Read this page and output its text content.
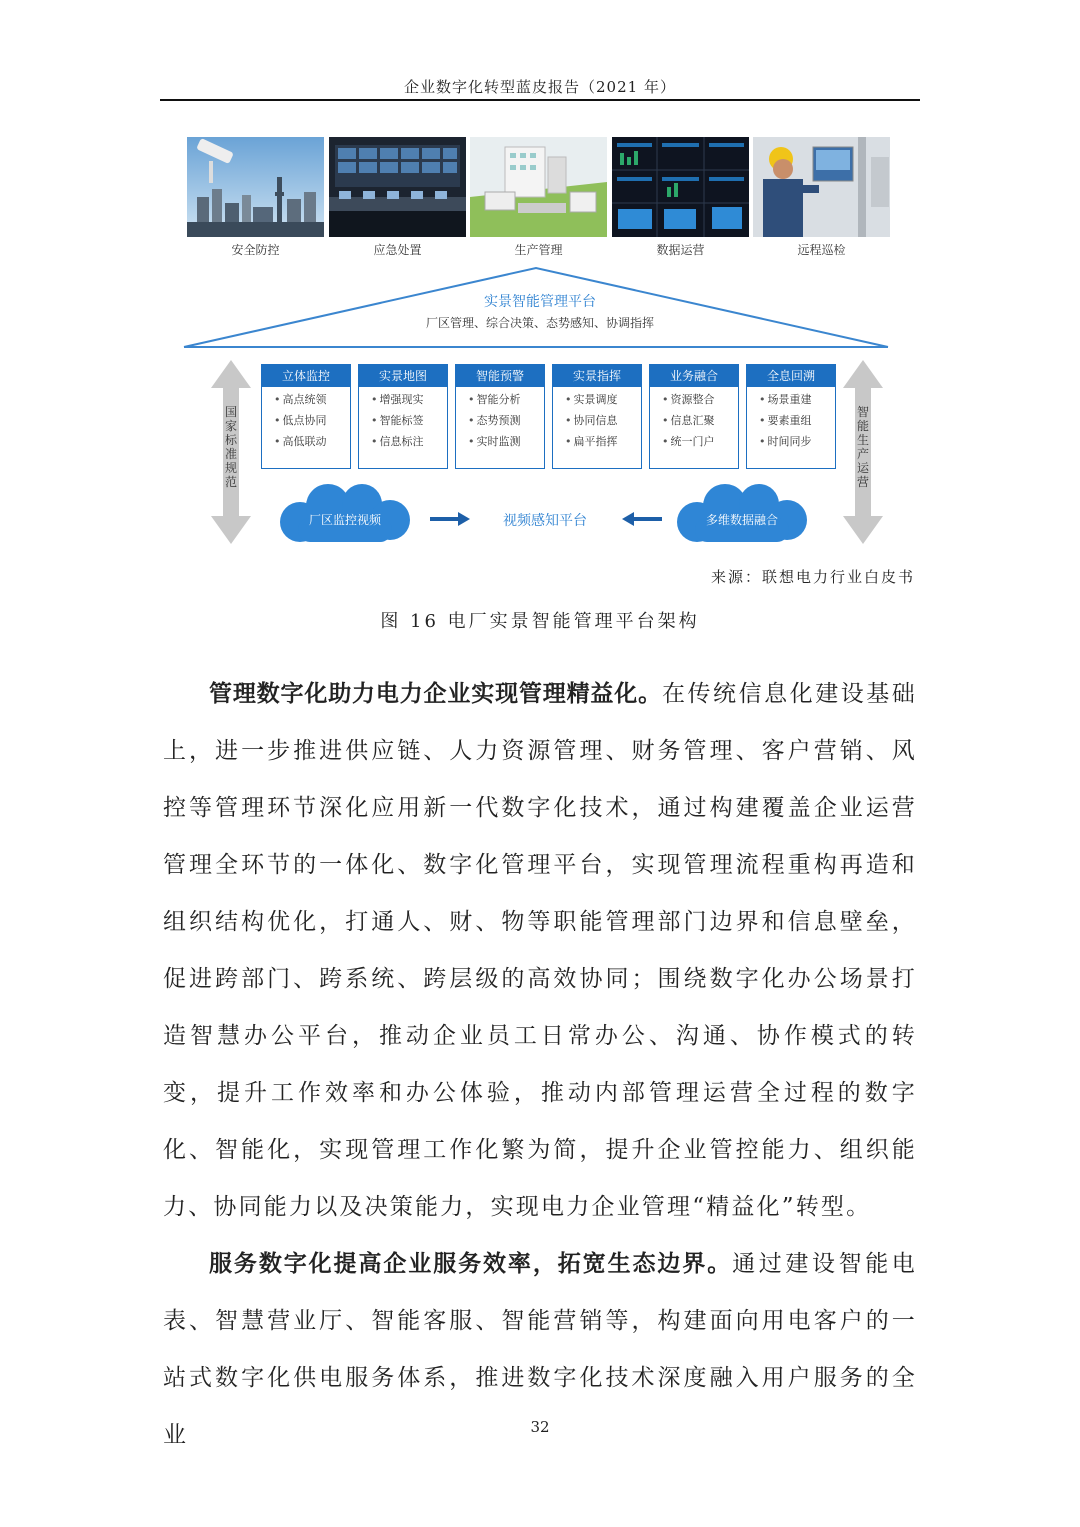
企业数字化转型蓝皮报告（2021 年）
安全防控	应急处置	生产管理	数据运营	远程巡检
实景智能管理平台
厂区管理、综合决策、态势感知、协调指挥
国家标准规范
智能生产运营
立体监控
• 高点统领
• 低点协同
• 高低联动
实景地图
• 增强现实
• 智能标签
• 信息标注
智能预警
• 智能分析
• 态势预测
• 实时监测
实景指挥
• 实景调度
• 协同信息
• 扁平指挥
业务融合
• 资源整合
• 信息汇聚
• 统一门户
全息回溯
• 场景重建
• 要素重组
• 时间同步
厂区监控视频	视频感知平台	多维数据融合
来源：联想电力行业白皮书
图 16 电厂实景智能管理平台架构

管理数字化助力电力企业实现管理精益化。在传统信息化建设基础上，进一步推进供应链、人力资源管理、财务管理、客户营销、风控等管理环节深化应用新一代数字化技术，通过构建覆盖企业运营管理全环节的一体化、数字化管理平台，实现管理流程重构再造和组织结构优化，打通人、财、物等职能管理部门边界和信息壁垒，促进跨部门、跨系统、跨层级的高效协同；围绕数字化办公场景打造智慧办公平台，推动企业员工日常办公、沟通、协作模式的转变，提升工作效率和办公体验，推动内部管理运营全过程的数字化、智能化，实现管理工作化繁为简，提升企业管控能力、组织能力、协同能力以及决策能力，实现电力企业管理“精益化”转型。

服务数字化提高企业服务效率，拓宽生态边界。通过建设智能电表、智慧营业厅、智能客服、智能营销等，构建面向用电客户的一站式数字化供电服务体系，推进数字化技术深度融入用户服务的全业	32
